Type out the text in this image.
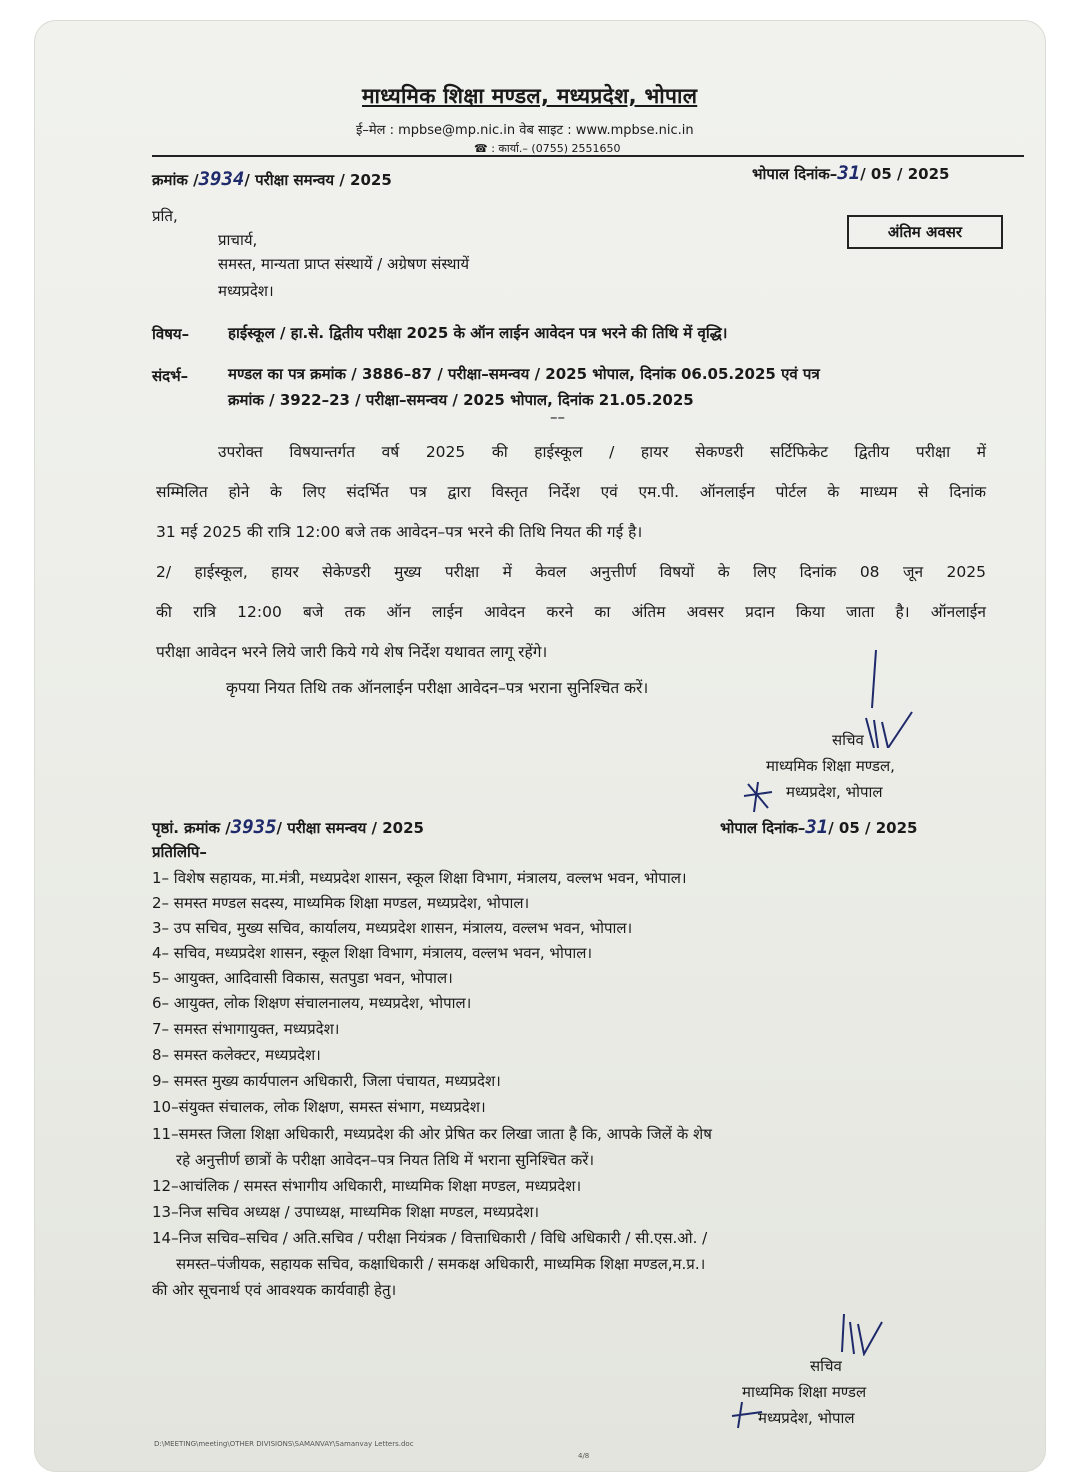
माध्यमिक शिक्षा मण्डल, मध्यप्रदेश, भोपाल
ई–मेल : mpbse@mp.nic.in वेब साइट : www.mpbse.nic.in
☎ : कार्या.– (0755) 2551650
क्रमांक /3934/ परीक्षा समन्वय / 2025	भोपाल दिनांक–31/ 05 / 2025
प्रति,
प्राचार्य,
समस्त, मान्यता प्राप्त संस्थायें / अग्रेषण संस्थायें
मध्यप्रदेश।
अंतिम अवसर
विषय–	हाईस्कूल / हा.से. द्वितीय परीक्षा 2025 के ऑन लाईन आवेदन पत्र भरने की तिथि में वृद्धि।
संदर्भ–	मण्डल का पत्र क्रमांक / 3886–87 / परीक्षा–समन्वय / 2025 भोपाल, दिनांक 06.05.2025 एवं पत्र
क्रमांक / 3922–23 / परीक्षा–समन्वय / 2025 भोपाल, दिनांक 21.05.2025
––
उपरोक्त विषयान्तर्गत वर्ष 2025 की हाईस्कूल / हायर सेकण्डरी सर्टिफिकेट द्वितीय परीक्षा में
सम्मिलित होने के लिए संदर्भित पत्र द्वारा विस्तृत निर्देश एवं एम.पी. ऑनलाईन पोर्टल के माध्यम से दिनांक
31 मई 2025 की रात्रि 12:00 बजे तक आवेदन–पत्र भरने की तिथि नियत की गई है।
2/ हाईस्कूल, हायर सेकेण्डरी मुख्य परीक्षा में केवल अनुत्तीर्ण विषयों के लिए दिनांक 08 जून 2025
की रात्रि 12:00 बजे तक ऑन लाईन आवेदन करने का अंतिम अवसर प्रदान किया जाता है। ऑनलाईन
परीक्षा आवेदन भरने लिये जारी किये गये शेष निर्देश यथावत लागू रहेंगे।
कृपया नियत तिथि तक ऑनलाईन परीक्षा आवेदन–पत्र भराना सुनिश्चित करें।
सचिव
माध्यमिक शिक्षा मण्डल,
मध्यप्रदेश, भोपाल
पृष्ठां. क्रमांक /3935/ परीक्षा समन्वय / 2025	भोपाल दिनांक–31/ 05 / 2025
प्रतिलिपि–
1– विशेष सहायक, मा.मंत्री, मध्यप्रदेश शासन, स्कूल शिक्षा विभाग, मंत्रालय, वल्लभ भवन, भोपाल।
2– समस्त मण्डल सदस्य, माध्यमिक शिक्षा मण्डल, मध्यप्रदेश, भोपाल।
3– उप सचिव, मुख्य सचिव, कार्यालय, मध्यप्रदेश शासन, मंत्रालय, वल्लभ भवन, भोपाल।
4– सचिव, मध्यप्रदेश शासन, स्कूल शिक्षा विभाग, मंत्रालय, वल्लभ भवन, भोपाल।
5– आयुक्त, आदिवासी विकास, सतपुडा भवन, भोपाल।
6– आयुक्त, लोक शिक्षण संचालनालय, मध्यप्रदेश, भोपाल।
7– समस्त संभागायुक्त, मध्यप्रदेश।
8– समस्त कलेक्टर, मध्यप्रदेश।
9– समस्त मुख्य कार्यपालन अधिकारी, जिला पंचायत, मध्यप्रदेश।
10–संयुक्त संचालक, लोक शिक्षण, समस्त संभाग, मध्यप्रदेश।
11–समस्त जिला शिक्षा अधिकारी, मध्यप्रदेश की ओर प्रेषित कर लिखा जाता है कि, आपके जिलें के शेष
रहे अनुत्तीर्ण छात्रों के परीक्षा आवेदन–पत्र नियत तिथि में भराना सुनिश्चित करें।
12–आचंलिक / समस्त संभागीय अधिकारी, माध्यमिक शिक्षा मण्डल, मध्यप्रदेश।
13–निज सचिव अध्यक्ष / उपाध्यक्ष, माध्यमिक शिक्षा मण्डल, मध्यप्रदेश।
14–निज सचिव–सचिव / अति.सचिव / परीक्षा नियंत्रक / वित्ताधिकारी / विधि अधिकारी / सी.एस.ओ. /
समस्त–पंजीयक, सहायक सचिव, कक्षाधिकारी / समकक्ष अधिकारी, माध्यमिक शिक्षा मण्डल,म.प्र.।
की ओर सूचनार्थ एवं आवश्यक कार्यवाही हेतु।
सचिव
माध्यमिक शिक्षा मण्डल
मध्यप्रदेश, भोपाल
D:\MEETING\meeting\OTHER DIVISIONS\SAMANVAY\Samanvay Letters.doc
4/8
